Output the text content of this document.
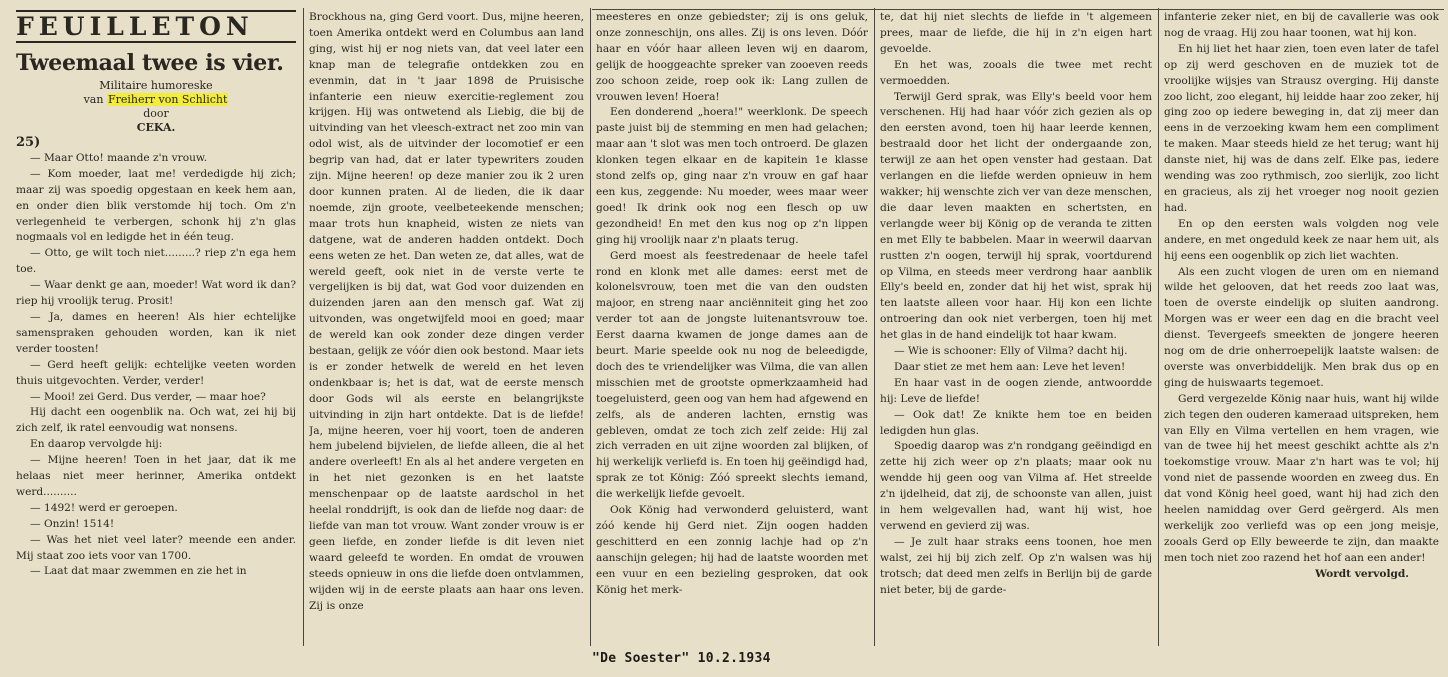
FEUILLETON
Tweemaal twee is vier.

Militaire humoreske

van Freiherr von Schlicht

door

CEKA.

25)

— Maar Otto! maande z'n vrouw.

— Kom moeder, laat me! verdedigde hij zich; maar zij was spoedig opgestaan en keek hem aan, en onder dien blik verstomde hij toch. Om z'n verlegenheid te verbergen, schonk hij z'n glas nogmaals vol en ledigde het in één teug.

— Otto, ge wilt toch niet.........? riep z'n ega hem toe.

— Waar denkt ge aan, moeder! Wat word ik dan? riep hij vroolijk terug. Prosit!

— Ja, dames en heeren! Als hier echtelijke samenspraken gehouden worden, kan ik niet verder toosten!

— Gerd heeft gelijk: echtelijke veeten worden thuis uitgevochten. Verder, verder!

— Mooi! zei Gerd. Dus verder, — maar hoe?

Hij dacht een oogenblik na. Och wat, zei hij bij zich zelf, ik ratel eenvoudig wat nonsens.

En daarop vervolgde hij:

— Mijne heeren! Toen in het jaar, dat ik me helaas niet meer herinner, Amerika ontdekt werd..........

— 1492! werd er geroepen.

— Onzin! 1514!

— Was het niet veel later? meende een ander. Mij staat zoo iets voor van 1700.

— Laat dat maar zwemmen en zie het in

Brockhous na, ging Gerd voort. Dus, mijne heeren, toen Amerika ontdekt werd en Columbus aan land ging, wist hij er nog niets van, dat veel later een knap man de telegrafie ontdekken zou en evenmin, dat in 't jaar 1898 de Pruisische infanterie een nieuw exercitie-reglement zou krijgen. Hij was ontwetend als Liebig, die bij de uitvinding van het vleesch-extract net zoo min van odol wist, als de uitvinder der locomotief er een begrip van had, dat er later typewriters zouden zijn. Mijne heeren! op deze manier zou ik 2 uren door kunnen praten. Al de lieden, die ik daar noemde, zijn groote, veelbeteekende menschen; maar trots hun knapheid, wisten ze niets van datgene, wat de anderen hadden ontdekt. Doch eens weten ze het. Dan weten ze, dat alles, wat de wereld geeft, ook niet in de verste verte te vergelijken is bij dat, wat God voor duizenden en duizenden jaren aan den mensch gaf. Wat zij uitvonden, was ongetwijfeld mooi en goed; maar de wereld kan ook zonder deze dingen verder bestaan, gelijk ze vóór dien ook bestond. Maar iets is er zonder hetwelk de wereld en het leven ondenkbaar is; het is dat, wat de eerste mensch door Gods wil als eerste en belangrijkste uitvinding in zijn hart ontdekte. Dat is de liefde! Ja, mijne heeren, voer hij voort, toen de anderen hem jubelend bijvielen, de liefde alleen, die al het andere overleeft! En als al het andere vergeten en in het niet gezonken is en het laatste menschenpaar op de laatste aardschol in het heelal ronddrijft, is ook dan de liefde nog daar: de liefde van man tot vrouw. Want zonder vrouw is er geen liefde, en zonder liefde is dit leven niet waard geleefd te worden. En omdat de vrouwen steeds opnieuw in ons die liefde doen ontvlammen, wijden wij in de eerste plaats aan haar ons leven. Zij is onze

meesteres en onze gebiedster; zij is ons geluk, onze zonneschijn, ons alles. Zij is ons leven. Dóór haar en vóór haar alleen leven wij en daarom, gelijk de hooggeachte spreker van zooeven reeds zoo schoon zeide, roep ook ik: Lang zullen de vrouwen leven! Hoera!

Een donderend „hoera!" weerklonk. De speech paste juist bij de stemming en men had gelachen; maar aan 't slot was men toch ontroerd. De glazen klonken tegen elkaar en de kapitein 1e klasse stond zelfs op, ging naar z'n vrouw en gaf haar een kus, zeggende: Nu moeder, wees maar weer goed! Ik drink ook nog een flesch op uw gezondheid! En met den kus nog op z'n lippen ging hij vroolijk naar z'n plaats terug.

Gerd moest als feestredenaar de heele tafel rond en klonk met alle dames: eerst met de kolonelsvrouw, toen met die van den oudsten majoor, en streng naar anciënniteit ging het zoo verder tot aan de jongste luitenantsvrouw toe. Eerst daarna kwamen de jonge dames aan de beurt. Marie speelde ook nu nog de beleedigde, doch des te vriendelijker was Vilma, die van allen misschien met de grootste opmerkzaamheid had toegeluisterd, geen oog van hem had afgewend en zelfs, als de anderen lachten, ernstig was gebleven, omdat ze toch zich zelf zeide: Hij zal zich verraden en uit zijne woorden zal blijken, of hij werkelijk verliefd is. En toen hij geëindigd had, sprak ze tot König: Zóó spreekt slechts iemand, die werkelijk liefde gevoelt.

Ook König had verwonderd geluisterd, want zóó kende hij Gerd niet. Zijn oogen hadden geschitterd en een zonnig lachje had op z'n aanschijn gelegen; hij had de laatste woorden met een vuur en een bezieling gesproken, dat ook König het merk-

te, dat hij niet slechts de liefde in 't algemeen prees, maar de liefde, die hij in z'n eigen hart gevoelde.

En het was, zooals die twee met recht vermoedden.

Terwijl Gerd sprak, was Elly's beeld voor hem verschenen. Hij had haar vóór zich gezien als op den eersten avond, toen hij haar leerde kennen, bestraald door het licht der ondergaande zon, terwijl ze aan het open venster had gestaan. Dat verlangen en die liefde werden opnieuw in hem wakker; hij wenschte zich ver van deze menschen, die daar leven maakten en schertsten, en verlangde weer bij König op de veranda te zitten en met Elly te babbelen. Maar in weerwil daarvan rustten z'n oogen, terwijl hij sprak, voortdurend op Vilma, en steeds meer verdrong haar aanblik Elly's beeld en, zonder dat hij het wist, sprak hij ten laatste alleen voor haar. Hij kon een lichte ontroering dan ook niet verbergen, toen hij met het glas in de hand eindelijk tot haar kwam.

— Wie is schooner: Elly of Vilma? dacht hij.

Daar stiet ze met hem aan: Leve het leven!

En haar vast in de oogen ziende, antwoordde hij: Leve de liefde!

— Ook dat! Ze knikte hem toe en beiden ledigden hun glas.

Spoedig daarop was z'n rondgang geëindigd en zette hij zich weer op z'n plaats; maar ook nu wendde hij geen oog van Vilma af. Het streelde z'n ijdelheid, dat zij, de schoonste van allen, juist in hem welgevallen had, want hij wist, hoe verwend en gevierd zij was.

— Je zult haar straks eens toonen, hoe men walst, zei hij bij zich zelf. Op z'n walsen was hij trotsch; dat deed men zelfs in Berlijn bij de garde niet beter, bij de garde-

infanterie zeker niet, en bij de cavallerie was ook nog de vraag. Hij zou haar toonen, wat hij kon.

En hij liet het haar zien, toen even later de tafel op zij werd geschoven en de muziek tot de vroolijke wijsjes van Strausz overging. Hij danste zoo licht, zoo elegant, hij leidde haar zoo zeker, hij ging zoo op iedere beweging in, dat zij meer dan eens in de verzoeking kwam hem een compliment te maken. Maar steeds hield ze het terug; want hij danste niet, hij was de dans zelf. Elke pas, iedere wending was zoo rythmisch, zoo sierlijk, zoo licht en gracieus, als zij het vroeger nog nooit gezien had.

En op den eersten wals volgden nog vele andere, en met ongeduld keek ze naar hem uit, als hij eens een oogenblik op zich liet wachten.

Als een zucht vlogen de uren om en niemand wilde het gelooven, dat het reeds zoo laat was, toen de overste eindelijk op sluiten aandrong. Morgen was er weer een dag en die bracht veel dienst. Tevergeefs smeekten de jongere heeren nog om de drie onherroepelijk laatste walsen: de overste was onverbiddelijk. Men brak dus op en ging de huiswaarts tegemoet.

Gerd vergezelde König naar huis, want hij wilde zich tegen den ouderen kameraad uitspreken, hem van Elly en Vilma vertellen en hem vragen, wie van de twee hij het meest geschikt achtte als z'n toekomstige vrouw. Maar z'n hart was te vol; hij vond niet de passende woorden en zweeg dus. En dat vond König heel goed, want hij had zich den heelen namiddag over Gerd geërgerd. Als men werkelijk zoo verliefd was op een jong meisje, zooals Gerd op Elly beweerde te zijn, dan maakte men toch niet zoo razend het hof aan een ander!

Wordt vervolgd.

"De Soester" 10.2.1934
